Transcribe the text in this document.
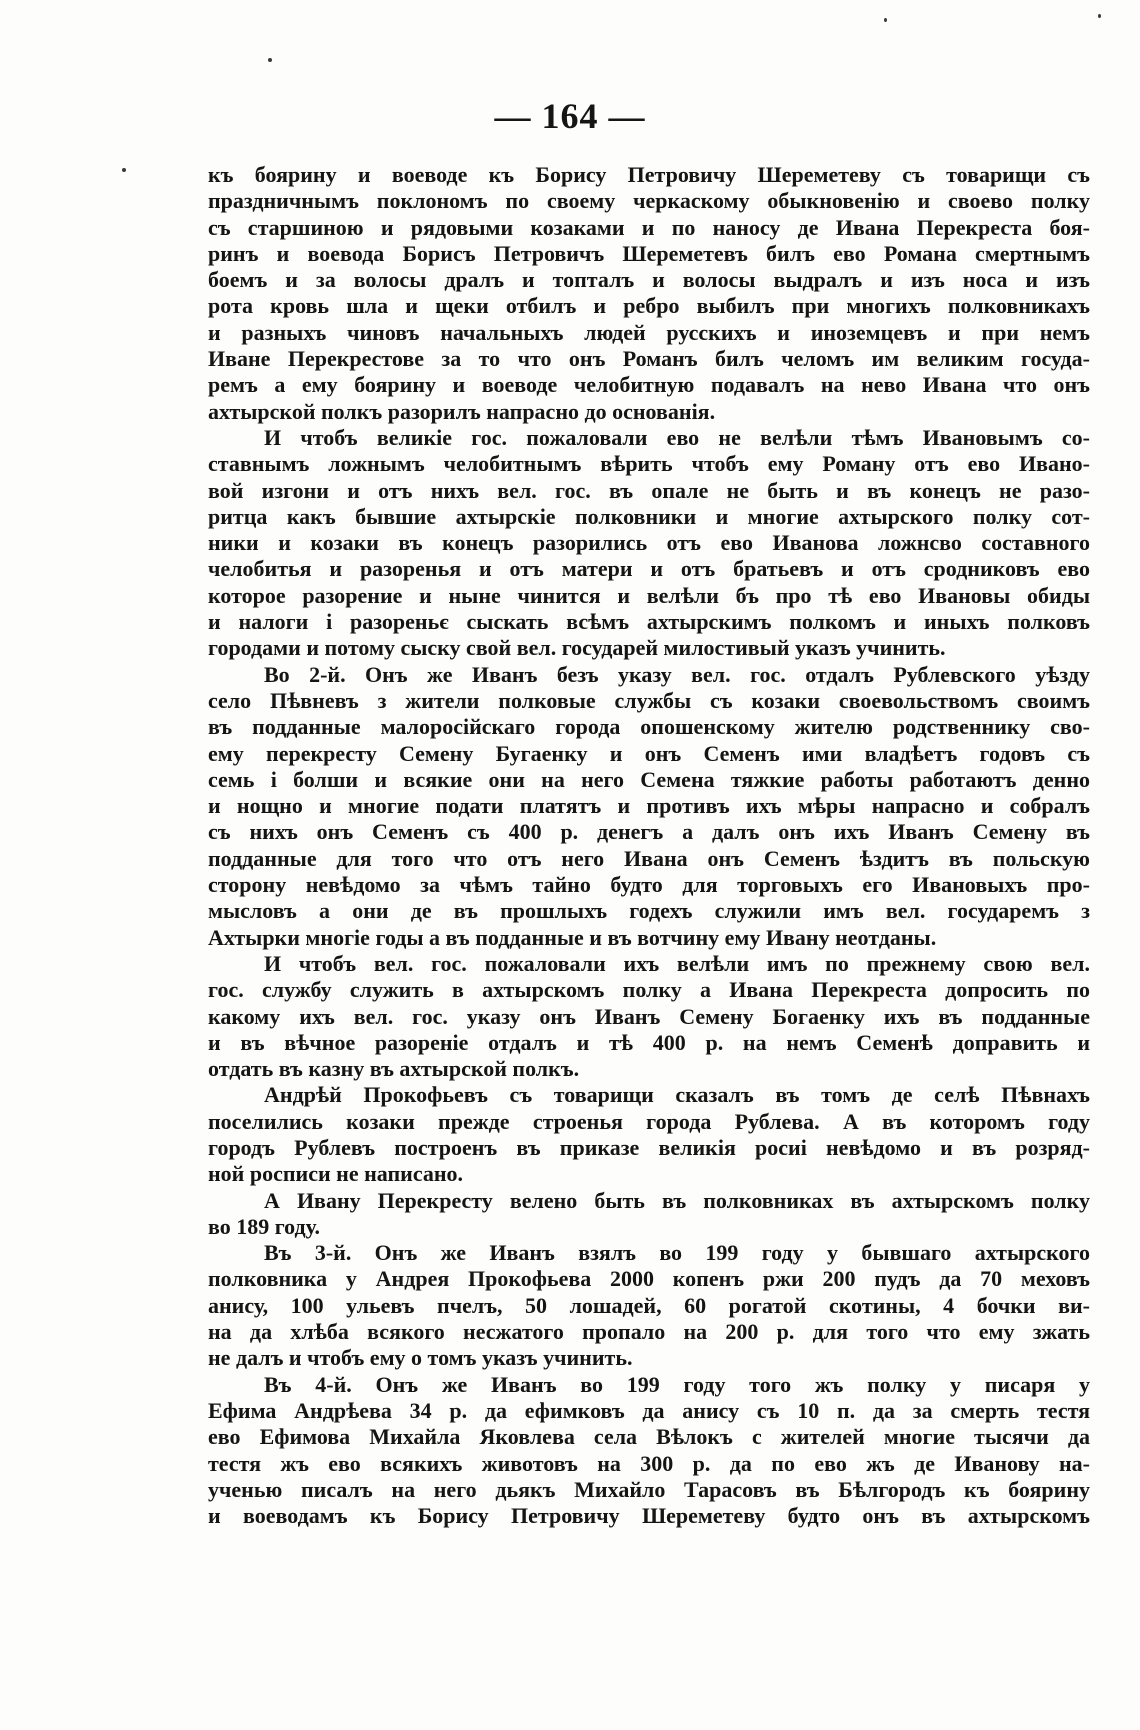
— 164 —
къ боярину и воеводе къ Борису Петровичу Шереметеву съ товарищи съ
праздничнымъ поклономъ по своему черкаскому обыкновенію и своево полку
съ старшиною и рядовыми козаками и по наносу де Ивана Перекреста боя-
ринъ и воевода Борисъ Петровичъ Шереметевъ билъ ево Романа смертнымъ
боемъ и за волосы дралъ и топталъ и волосы выдралъ и изъ носа и изъ
рота кровь шла и щеки отбилъ и ребро выбилъ при многихъ полковникахъ
и разныхъ чиновъ начальныхъ людей русскихъ и иноземцевъ и при немъ
Иване Перекрестове за то что онъ Романъ билъ челомъ им великим госуда-
ремъ а ему боярину и воеводе челобитную подавалъ на нево Ивана что онъ
ахтырской полкъ разорилъ напрасно до основанія.
И чтобъ великіе гос. пожаловали ево не велѣли тѣмъ Ивановымъ со-
ставнымъ ложнымъ челобитнымъ вѣрить чтобъ ему Роману отъ ево Ивано-
вой изгони и отъ нихъ вел. гос. въ опале не быть и въ конецъ не разо-
ритца какъ бывшие ахтырскіе полковники и многие ахтырского полку сот-
ники и козаки въ конецъ разорились отъ ево Иванова ложнсво составного
челобитья и разоренья и отъ матери и отъ братьевъ и отъ сродниковъ ево
которое разорение и ныне чинится и велѣли бъ про тѣ ево Ивановы обиды
и налоги і разореньє сыскать всѣмъ ахтырскимъ полкомъ и иныхъ полковъ
городами и потому сыску свой вел. государей милостивый указъ учинить.
Во 2-й. Онъ же Иванъ безъ указу вел. гос. отдалъ Рублевского уѣзду
село Пѣвневъ з жители полковые службы съ козаки своевольствомъ своимъ
въ подданные малоросійскаго города опошенскому жителю родственнику сво-
ему перекресту Семену Бугаенку и онъ Семенъ ими владѣетъ годовъ съ
семь і болши и всякие они на него Семена тяжкие работы работаютъ денно
и нощно и многие подати платятъ и противъ ихъ мѣры напрасно и собралъ
съ нихъ онъ Семенъ съ 400 р. денегъ а далъ онъ ихъ Иванъ Семену въ
подданные для того что отъ него Ивана онъ Семенъ ѣздитъ въ польскую
сторону невѣдомо за чѣмъ тайно будто для торговыхъ его Ивановыхъ про-
мысловъ а они де въ прошлыхъ годехъ служили имъ вел. государемъ з
Ахтырки многіе годы а въ подданные и въ вотчину ему Ивану неотданы.
И чтобъ вел. гос. пожаловали ихъ велѣли имъ по прежнему свою вел.
гос. службу служить в ахтырскомъ полку а Ивана Перекреста допросить по
какому ихъ вел. гос. указу онъ Иванъ Семену Богаенку ихъ въ подданные
и въ вѣчное разореніе отдалъ и тѣ 400 р. на немъ Семенѣ доправить и
отдать въ казну въ ахтырской полкъ.
Андрѣй Прокофьевъ съ товарищи сказалъ въ томъ де селѣ Пѣвнахъ
поселились козаки прежде строенья города Рублева. А въ которомъ году
городъ Рублевъ построенъ въ приказе великія росиі невѣдомо и въ розряд-
ной росписи не написано.
А Ивану Перекресту велено быть въ полковниках въ ахтырскомъ полку
во 189 году.
Въ 3-й. Онъ же Иванъ взялъ во 199 году у бывшаго ахтырского
полковника у Андрея Прокофьева 2000 копенъ ржи 200 пудъ да 70 меховъ
анису, 100 ульевъ пчелъ, 50 лошадей, 60 рогатой скотины, 4 бочки ви-
на да хлѣба всякого несжатого пропало на 200 р. для того что ему зжать
не далъ и чтобъ ему о томъ указъ учинить.
Въ 4-й. Онъ же Иванъ во 199 году того жъ полку у писаря у
Ефима Андрѣева 34 р. да ефимковъ да анису съ 10 п. да за смерть тестя
ево Ефимова Михайла Яковлева села Вѣлокъ с жителей многие тысячи да
тестя жъ ево всякихъ животовъ на 300 р. да по ево жъ де Иванову на-
ученью писалъ на него дьякъ Михайло Тарасовъ въ Бѣлгородъ къ боярину
и воеводамъ къ Борису Петровичу Шереметеву будто онъ въ ахтырскомъ
